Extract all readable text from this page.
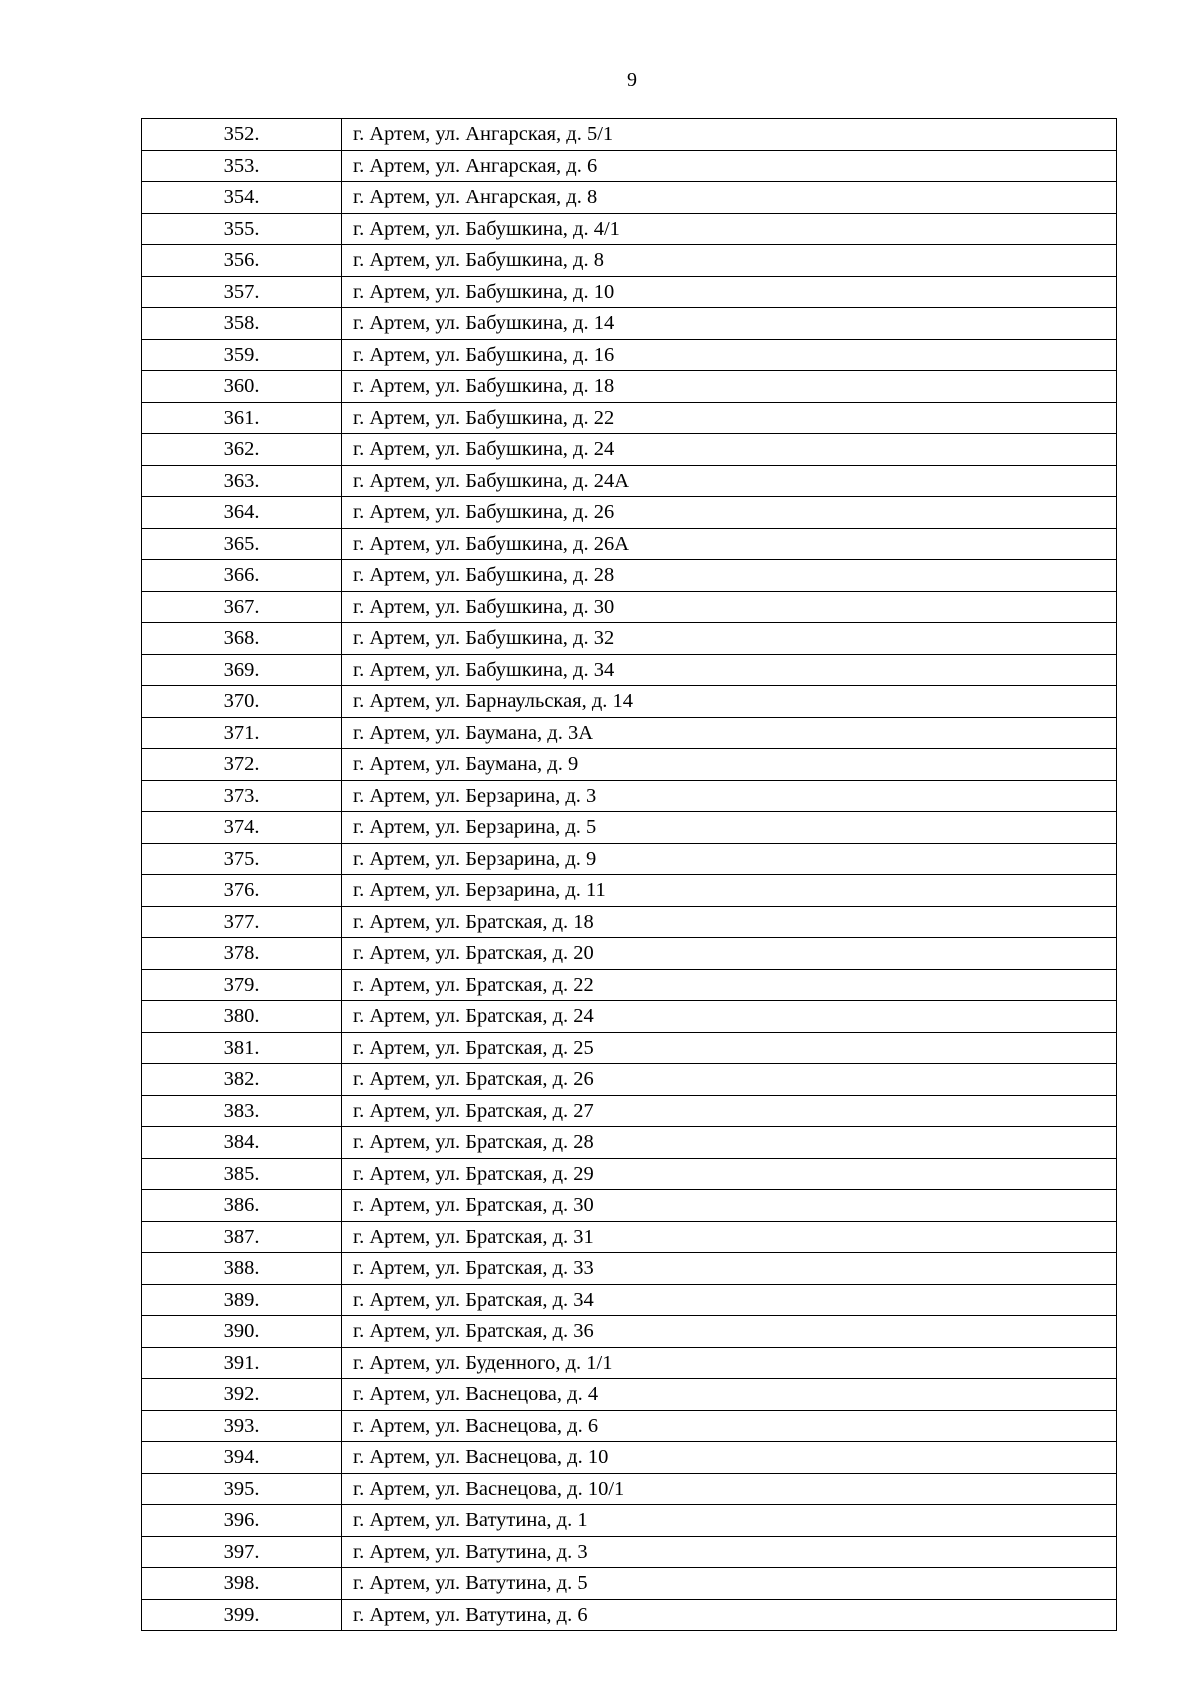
9
352.	г. Артем, ул. Ангарская, д. 5/1
353.	г. Артем, ул. Ангарская, д. 6
354.	г. Артем, ул. Ангарская, д. 8
355.	г. Артем, ул. Бабушкина, д. 4/1
356.	г. Артем, ул. Бабушкина, д. 8
357.	г. Артем, ул. Бабушкина, д. 10
358.	г. Артем, ул. Бабушкина, д. 14
359.	г. Артем, ул. Бабушкина, д. 16
360.	г. Артем, ул. Бабушкина, д. 18
361.	г. Артем, ул. Бабушкина, д. 22
362.	г. Артем, ул. Бабушкина, д. 24
363.	г. Артем, ул. Бабушкина, д. 24А
364.	г. Артем, ул. Бабушкина, д. 26
365.	г. Артем, ул. Бабушкина, д. 26А
366.	г. Артем, ул. Бабушкина, д. 28
367.	г. Артем, ул. Бабушкина, д. 30
368.	г. Артем, ул. Бабушкина, д. 32
369.	г. Артем, ул. Бабушкина, д. 34
370.	г. Артем, ул. Барнаульская, д. 14
371.	г. Артем, ул. Баумана, д. 3А
372.	г. Артем, ул. Баумана, д. 9
373.	г. Артем, ул. Берзарина, д. 3
374.	г. Артем, ул. Берзарина, д. 5
375.	г. Артем, ул. Берзарина, д. 9
376.	г. Артем, ул. Берзарина, д. 11
377.	г. Артем, ул. Братская, д. 18
378.	г. Артем, ул. Братская, д. 20
379.	г. Артем, ул. Братская, д. 22
380.	г. Артем, ул. Братская, д. 24
381.	г. Артем, ул. Братская, д. 25
382.	г. Артем, ул. Братская, д. 26
383.	г. Артем, ул. Братская, д. 27
384.	г. Артем, ул. Братская, д. 28
385.	г. Артем, ул. Братская, д. 29
386.	г. Артем, ул. Братская, д. 30
387.	г. Артем, ул. Братская, д. 31
388.	г. Артем, ул. Братская, д. 33
389.	г. Артем, ул. Братская, д. 34
390.	г. Артем, ул. Братская, д. 36
391.	г. Артем, ул. Буденного, д. 1/1
392.	г. Артем, ул. Васнецова, д. 4
393.	г. Артем, ул. Васнецова, д. 6
394.	г. Артем, ул. Васнецова, д. 10
395.	г. Артем, ул. Васнецова, д. 10/1
396.	г. Артем, ул. Ватутина, д. 1
397.	г. Артем, ул. Ватутина, д. 3
398.	г. Артем, ул. Ватутина, д. 5
399.	г. Артем, ул. Ватутина, д. 6
